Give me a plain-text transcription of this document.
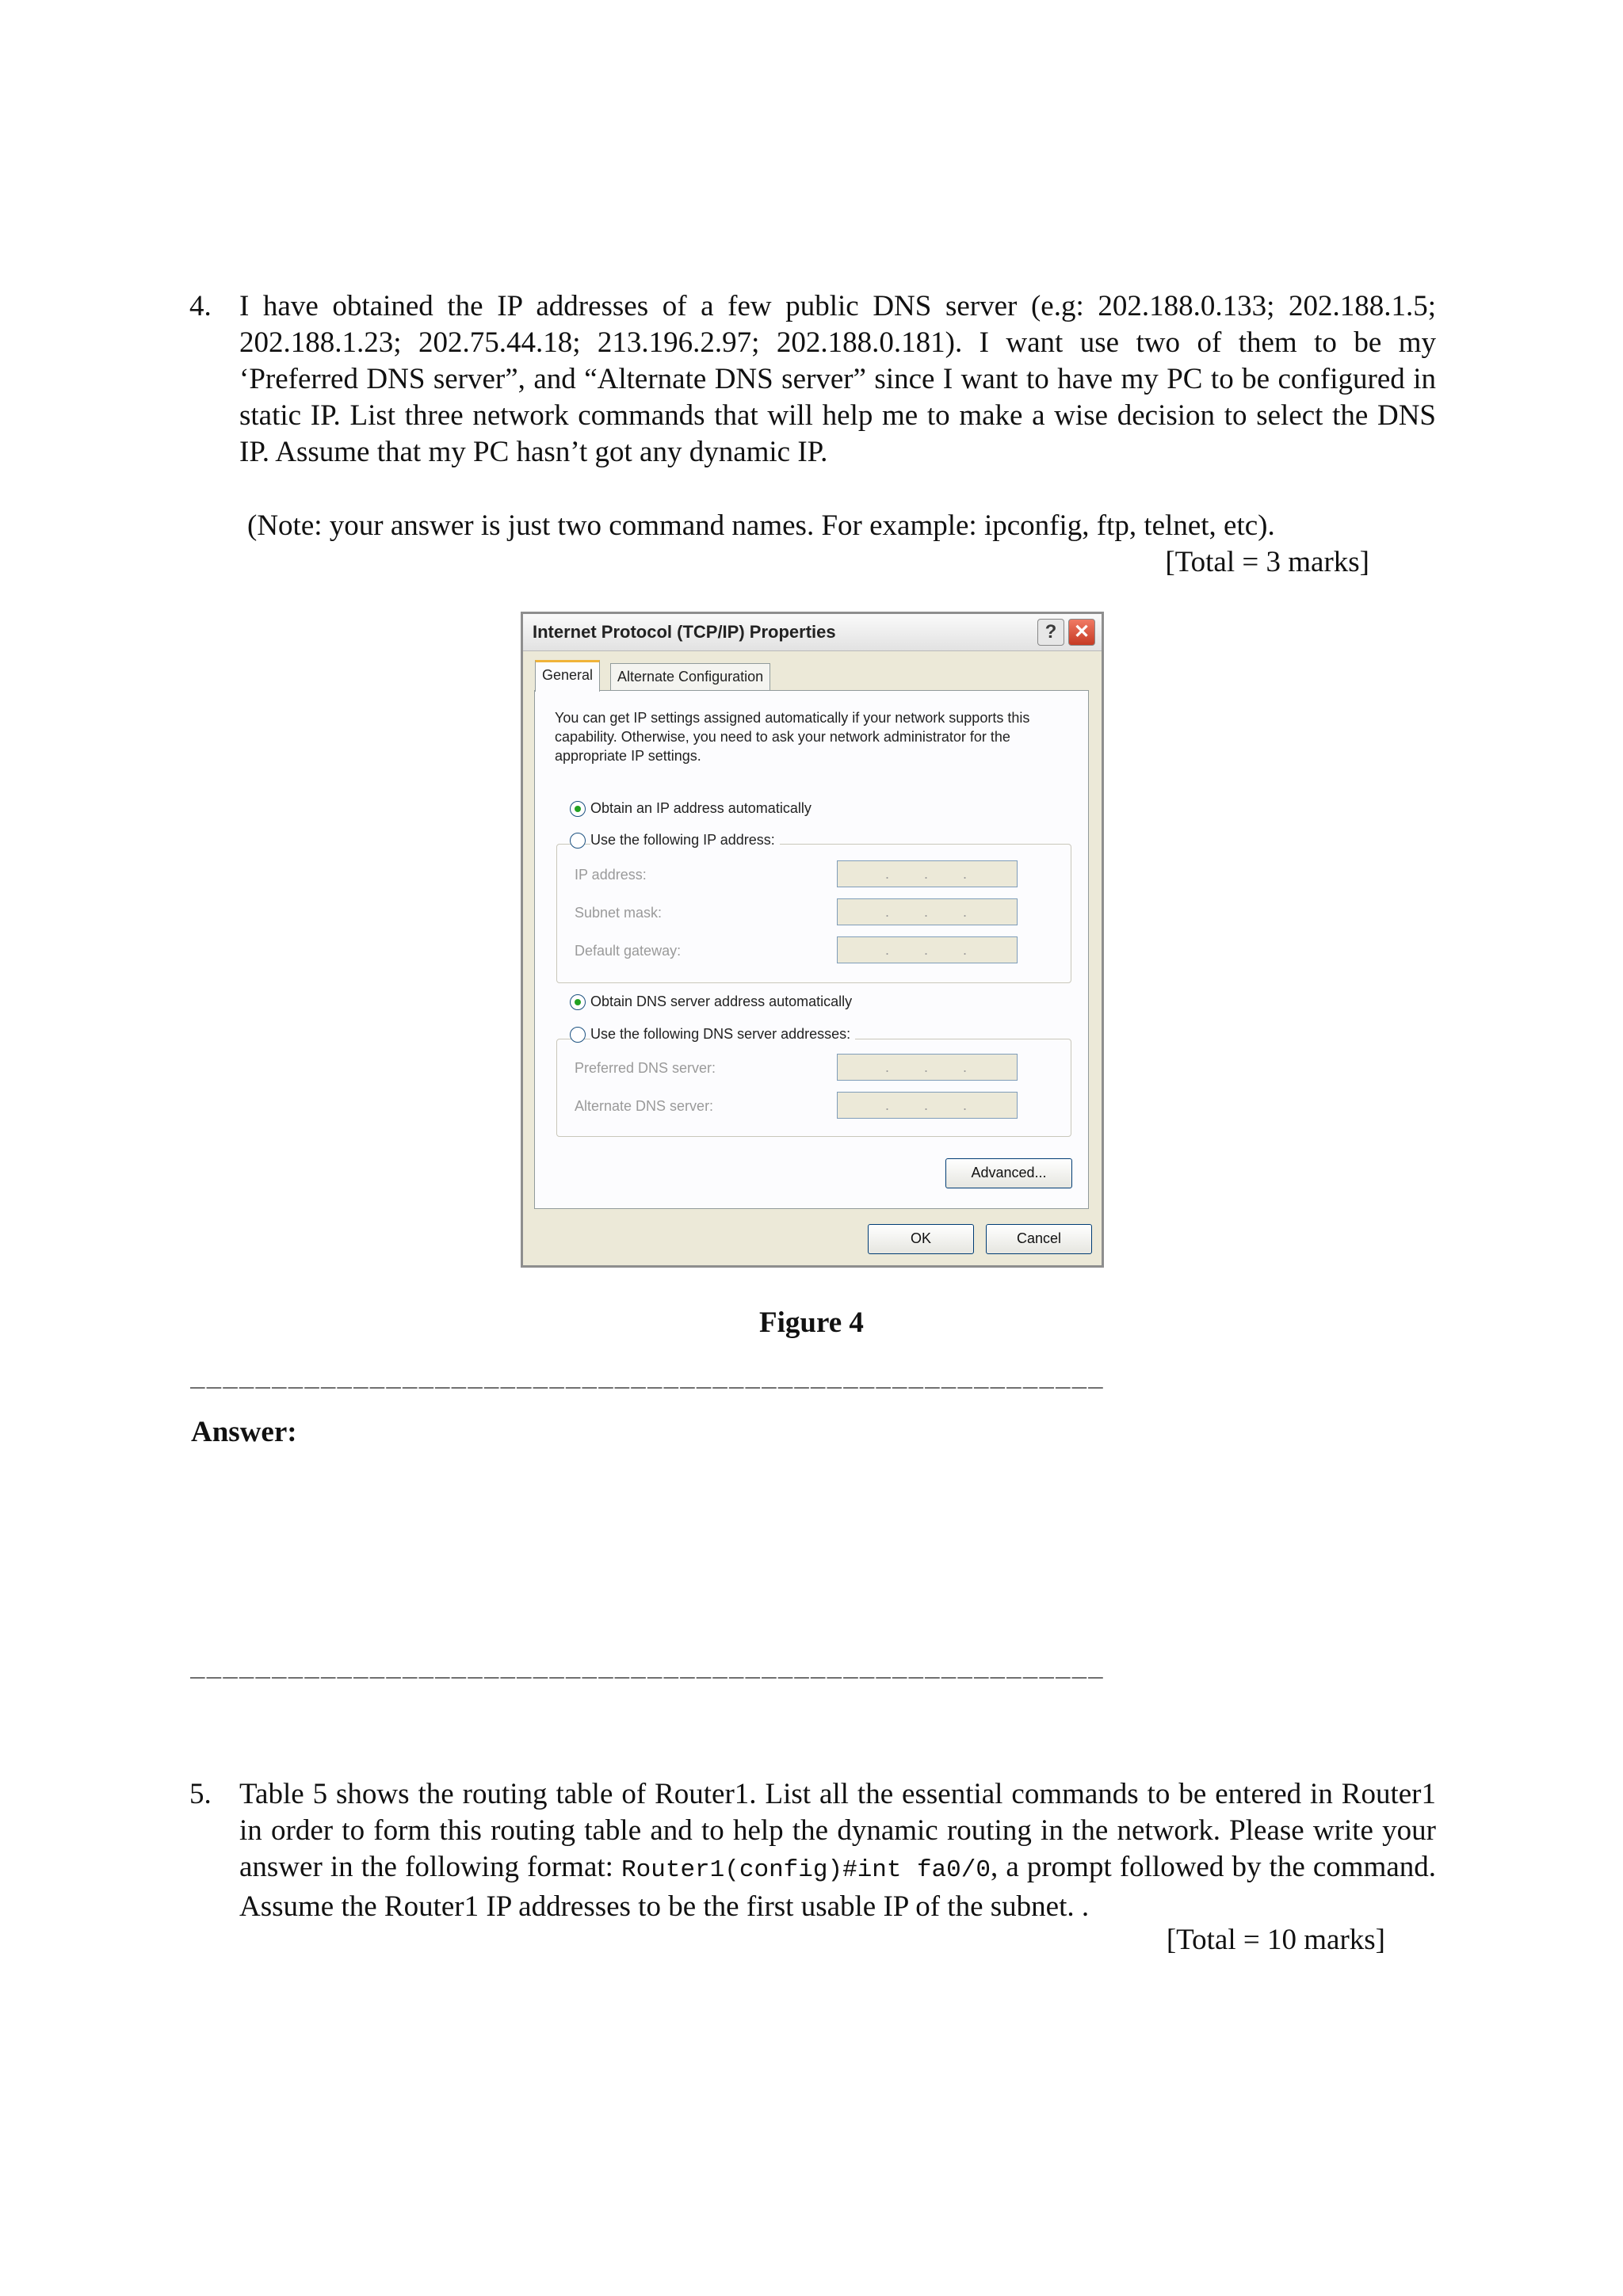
4. I have obtained the IP addresses of a few public DNS server (e.g: 202.188.0.133; 202.188.1.5; 202.188.1.23; 202.75.44.18; 213.196.2.97; 202.188.0.181). I want use two of them to be my ‘Preferred DNS server”, and “Alternate DNS server” since I want to have my PC to be configured in static IP. List three network commands that will help me to make a wise decision to select the DNS IP. Assume that my PC hasn’t got any dynamic IP.
(Note: your answer is just two command names. For example: ipconfig, ftp, telnet, etc).
[Total = 3 marks]
Internet Protocol (TCP/IP) Properties	? ✕
General	Alternate Configuration
You can get IP settings assigned automatically if your network supports this capability. Otherwise, you need to ask your network administrator for the appropriate IP settings.
Obtain an IP address automatically
Use the following IP address:
IP address:	...
Subnet mask:	...
Default gateway:	...
Obtain DNS server address automatically
Use the following DNS server addresses:
Preferred DNS server:	...
Alternate DNS server:	...
Advanced...
OK	Cancel
Figure 4
________________________________________________________
Answer:
________________________________________________________
5. Table 5 shows the routing table of Router1. List all the essential commands to be entered in Router1 in order to form this routing table and to help the dynamic routing in the network. Please write your answer in the following format: Router1(config)#int fa0/0, a prompt followed by the command. Assume the Router1 IP addresses to be the first usable IP of the subnet. .
[Total = 10 marks]
